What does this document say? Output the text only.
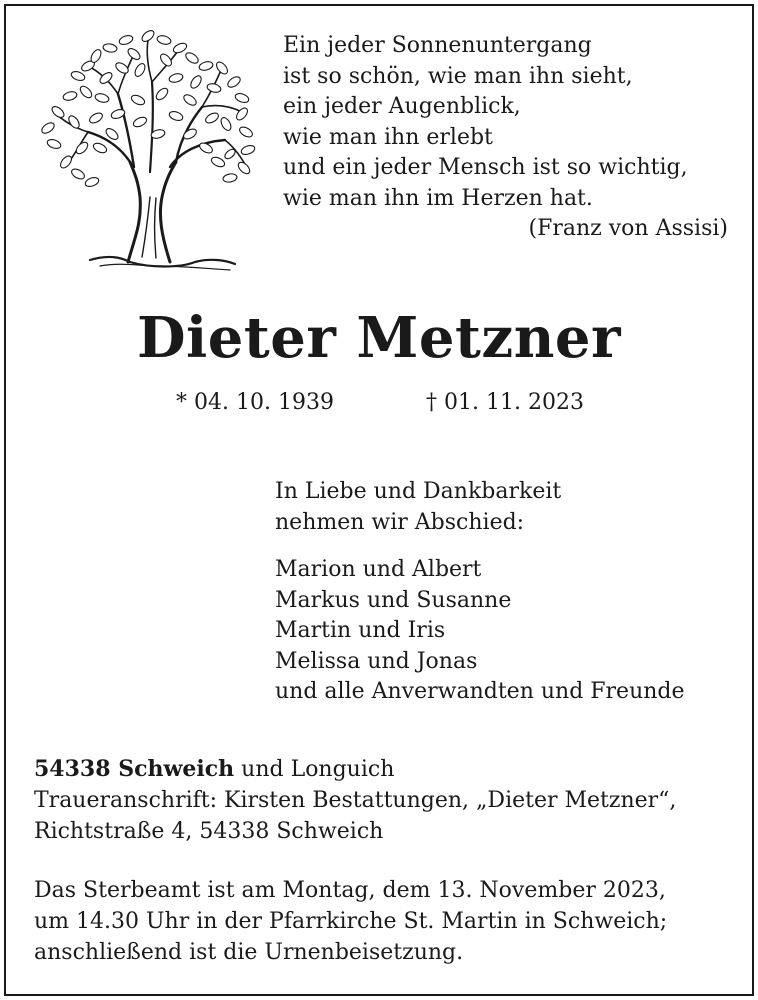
Ein jeder Sonnenuntergang
ist so schön, wie man ihn sieht,
ein jeder Augenblick,
wie man ihn erlebt
und ein jeder Mensch ist so wichtig,
wie man ihn im Herzen hat.
(Franz von Assisi)
Dieter Metzner
* 04. 10. 1939	† 01. 11. 2023
In Liebe und Dankbarkeit
nehmen wir Abschied:
Marion und Albert
Markus und Susanne
Martin und Iris
Melissa und Jonas
und alle Anverwandten und Freunde
54338 Schweich und Longuich
Traueranschrift: Kirsten Bestattungen, „Dieter Metzner“,
Richtstraße 4, 54338 Schweich
Das Sterbeamt ist am Montag, dem 13. November 2023,
um 14.30 Uhr in der Pfarrkirche St. Martin in Schweich;
anschließend ist die Urnenbeisetzung.
